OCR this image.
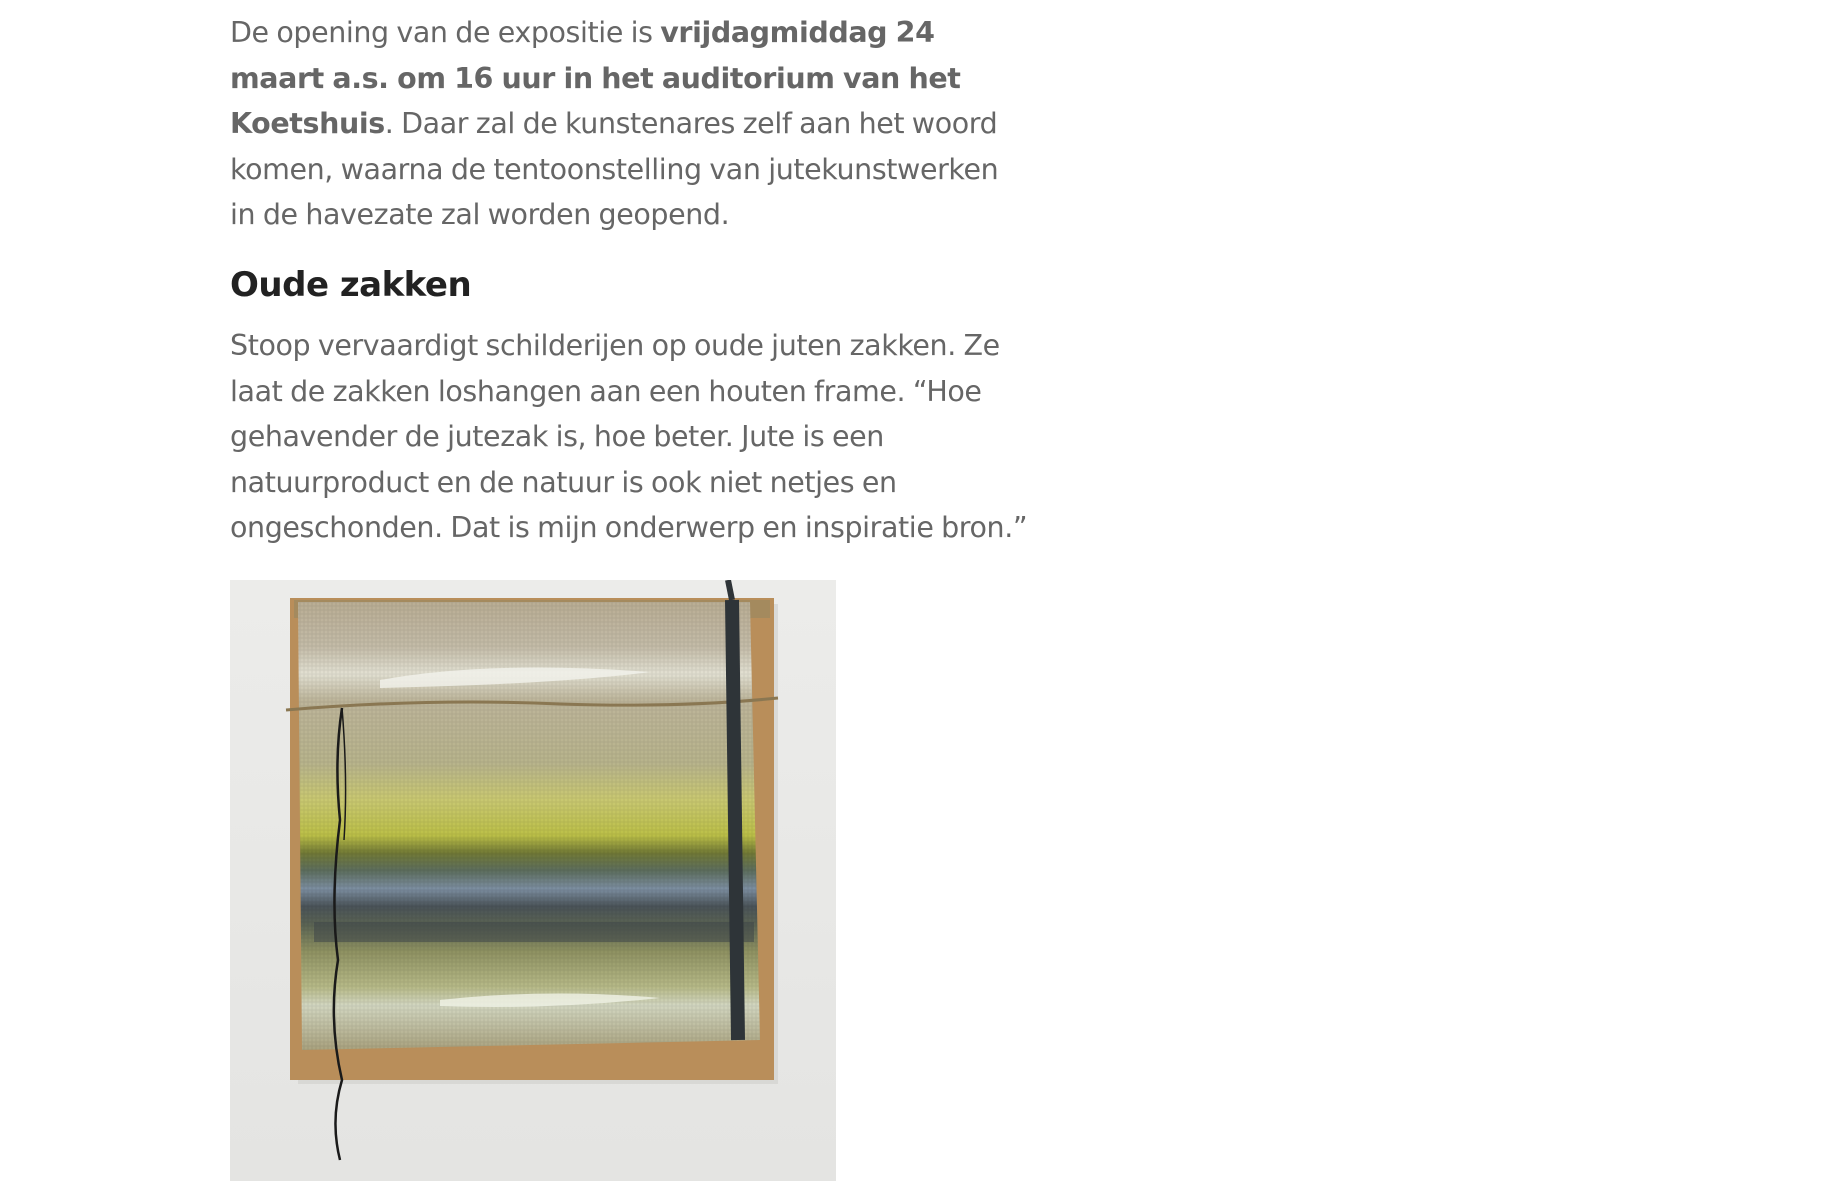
De opening van de expositie is vrijdagmiddag 24 maart a.s. om 16 uur in het auditorium van het Koetshuis. Daar zal de kunstenares zelf aan het woord komen, waarna de tentoonstelling van jutekunstwerken in de havezate zal worden geopend.

Oude zakken

Stoop vervaardigt schilderijen op oude juten zakken. Ze laat de zakken loshangen aan een houten frame. “Hoe gehavender de jutezak is, hoe beter. Jute is een natuurproduct en de natuur is ook niet netjes en ongeschonden. Dat is mijn onderwerp en inspiratie bron.”
